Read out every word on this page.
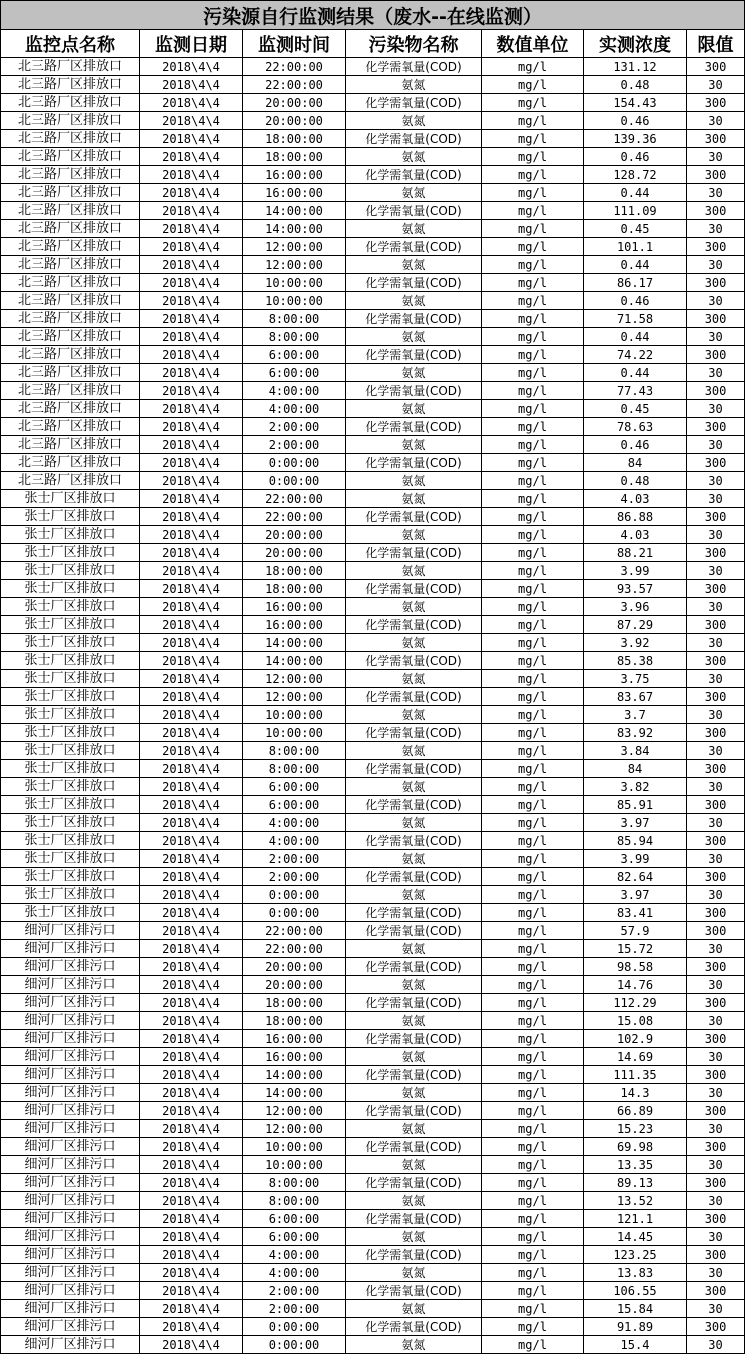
污染源自行监测结果（废水--在线监测）						
监控点名称	监测日期	监测时间	污染物名称	数值单位	实测浓度	限值
北三路厂区排放口	2018\4\4	22:00:00	化学需氧量(COD)	mg/l	131.12	300
北三路厂区排放口	2018\4\4	22:00:00	氨氮	mg/l	0.48	30
北三路厂区排放口	2018\4\4	20:00:00	化学需氧量(COD)	mg/l	154.43	300
北三路厂区排放口	2018\4\4	20:00:00	氨氮	mg/l	0.46	30
北三路厂区排放口	2018\4\4	18:00:00	化学需氧量(COD)	mg/l	139.36	300
北三路厂区排放口	2018\4\4	18:00:00	氨氮	mg/l	0.46	30
北三路厂区排放口	2018\4\4	16:00:00	化学需氧量(COD)	mg/l	128.72	300
北三路厂区排放口	2018\4\4	16:00:00	氨氮	mg/l	0.44	30
北三路厂区排放口	2018\4\4	14:00:00	化学需氧量(COD)	mg/l	111.09	300
北三路厂区排放口	2018\4\4	14:00:00	氨氮	mg/l	0.45	30
北三路厂区排放口	2018\4\4	12:00:00	化学需氧量(COD)	mg/l	101.1	300
北三路厂区排放口	2018\4\4	12:00:00	氨氮	mg/l	0.44	30
北三路厂区排放口	2018\4\4	10:00:00	化学需氧量(COD)	mg/l	86.17	300
北三路厂区排放口	2018\4\4	10:00:00	氨氮	mg/l	0.46	30
北三路厂区排放口	2018\4\4	8:00:00	化学需氧量(COD)	mg/l	71.58	300
北三路厂区排放口	2018\4\4	8:00:00	氨氮	mg/l	0.44	30
北三路厂区排放口	2018\4\4	6:00:00	化学需氧量(COD)	mg/l	74.22	300
北三路厂区排放口	2018\4\4	6:00:00	氨氮	mg/l	0.44	30
北三路厂区排放口	2018\4\4	4:00:00	化学需氧量(COD)	mg/l	77.43	300
北三路厂区排放口	2018\4\4	4:00:00	氨氮	mg/l	0.45	30
北三路厂区排放口	2018\4\4	2:00:00	化学需氧量(COD)	mg/l	78.63	300
北三路厂区排放口	2018\4\4	2:00:00	氨氮	mg/l	0.46	30
北三路厂区排放口	2018\4\4	0:00:00	化学需氧量(COD)	mg/l	84	300
北三路厂区排放口	2018\4\4	0:00:00	氨氮	mg/l	0.48	30
张士厂区排放口	2018\4\4	22:00:00	氨氮	mg/l	4.03	30
张士厂区排放口	2018\4\4	22:00:00	化学需氧量(COD)	mg/l	86.88	300
张士厂区排放口	2018\4\4	20:00:00	氨氮	mg/l	4.03	30
张士厂区排放口	2018\4\4	20:00:00	化学需氧量(COD)	mg/l	88.21	300
张士厂区排放口	2018\4\4	18:00:00	氨氮	mg/l	3.99	30
张士厂区排放口	2018\4\4	18:00:00	化学需氧量(COD)	mg/l	93.57	300
张士厂区排放口	2018\4\4	16:00:00	氨氮	mg/l	3.96	30
张士厂区排放口	2018\4\4	16:00:00	化学需氧量(COD)	mg/l	87.29	300
张士厂区排放口	2018\4\4	14:00:00	氨氮	mg/l	3.92	30
张士厂区排放口	2018\4\4	14:00:00	化学需氧量(COD)	mg/l	85.38	300
张士厂区排放口	2018\4\4	12:00:00	氨氮	mg/l	3.75	30
张士厂区排放口	2018\4\4	12:00:00	化学需氧量(COD)	mg/l	83.67	300
张士厂区排放口	2018\4\4	10:00:00	氨氮	mg/l	3.7	30
张士厂区排放口	2018\4\4	10:00:00	化学需氧量(COD)	mg/l	83.92	300
张士厂区排放口	2018\4\4	8:00:00	氨氮	mg/l	3.84	30
张士厂区排放口	2018\4\4	8:00:00	化学需氧量(COD)	mg/l	84	300
张士厂区排放口	2018\4\4	6:00:00	氨氮	mg/l	3.82	30
张士厂区排放口	2018\4\4	6:00:00	化学需氧量(COD)	mg/l	85.91	300
张士厂区排放口	2018\4\4	4:00:00	氨氮	mg/l	3.97	30
张士厂区排放口	2018\4\4	4:00:00	化学需氧量(COD)	mg/l	85.94	300
张士厂区排放口	2018\4\4	2:00:00	氨氮	mg/l	3.99	30
张士厂区排放口	2018\4\4	2:00:00	化学需氧量(COD)	mg/l	82.64	300
张士厂区排放口	2018\4\4	0:00:00	氨氮	mg/l	3.97	30
张士厂区排放口	2018\4\4	0:00:00	化学需氧量(COD)	mg/l	83.41	300
细河厂区排污口	2018\4\4	22:00:00	化学需氧量(COD)	mg/l	57.9	300
细河厂区排污口	2018\4\4	22:00:00	氨氮	mg/l	15.72	30
细河厂区排污口	2018\4\4	20:00:00	化学需氧量(COD)	mg/l	98.58	300
细河厂区排污口	2018\4\4	20:00:00	氨氮	mg/l	14.76	30
细河厂区排污口	2018\4\4	18:00:00	化学需氧量(COD)	mg/l	112.29	300
细河厂区排污口	2018\4\4	18:00:00	氨氮	mg/l	15.08	30
细河厂区排污口	2018\4\4	16:00:00	化学需氧量(COD)	mg/l	102.9	300
细河厂区排污口	2018\4\4	16:00:00	氨氮	mg/l	14.69	30
细河厂区排污口	2018\4\4	14:00:00	化学需氧量(COD)	mg/l	111.35	300
细河厂区排污口	2018\4\4	14:00:00	氨氮	mg/l	14.3	30
细河厂区排污口	2018\4\4	12:00:00	化学需氧量(COD)	mg/l	66.89	300
细河厂区排污口	2018\4\4	12:00:00	氨氮	mg/l	15.23	30
细河厂区排污口	2018\4\4	10:00:00	化学需氧量(COD)	mg/l	69.98	300
细河厂区排污口	2018\4\4	10:00:00	氨氮	mg/l	13.35	30
细河厂区排污口	2018\4\4	8:00:00	化学需氧量(COD)	mg/l	89.13	300
细河厂区排污口	2018\4\4	8:00:00	氨氮	mg/l	13.52	30
细河厂区排污口	2018\4\4	6:00:00	化学需氧量(COD)	mg/l	121.1	300
细河厂区排污口	2018\4\4	6:00:00	氨氮	mg/l	14.45	30
细河厂区排污口	2018\4\4	4:00:00	化学需氧量(COD)	mg/l	123.25	300
细河厂区排污口	2018\4\4	4:00:00	氨氮	mg/l	13.83	30
细河厂区排污口	2018\4\4	2:00:00	化学需氧量(COD)	mg/l	106.55	300
细河厂区排污口	2018\4\4	2:00:00	氨氮	mg/l	15.84	30
细河厂区排污口	2018\4\4	0:00:00	化学需氧量(COD)	mg/l	91.89	300
细河厂区排污口	2018\4\4	0:00:00	氨氮	mg/l	15.4	30
